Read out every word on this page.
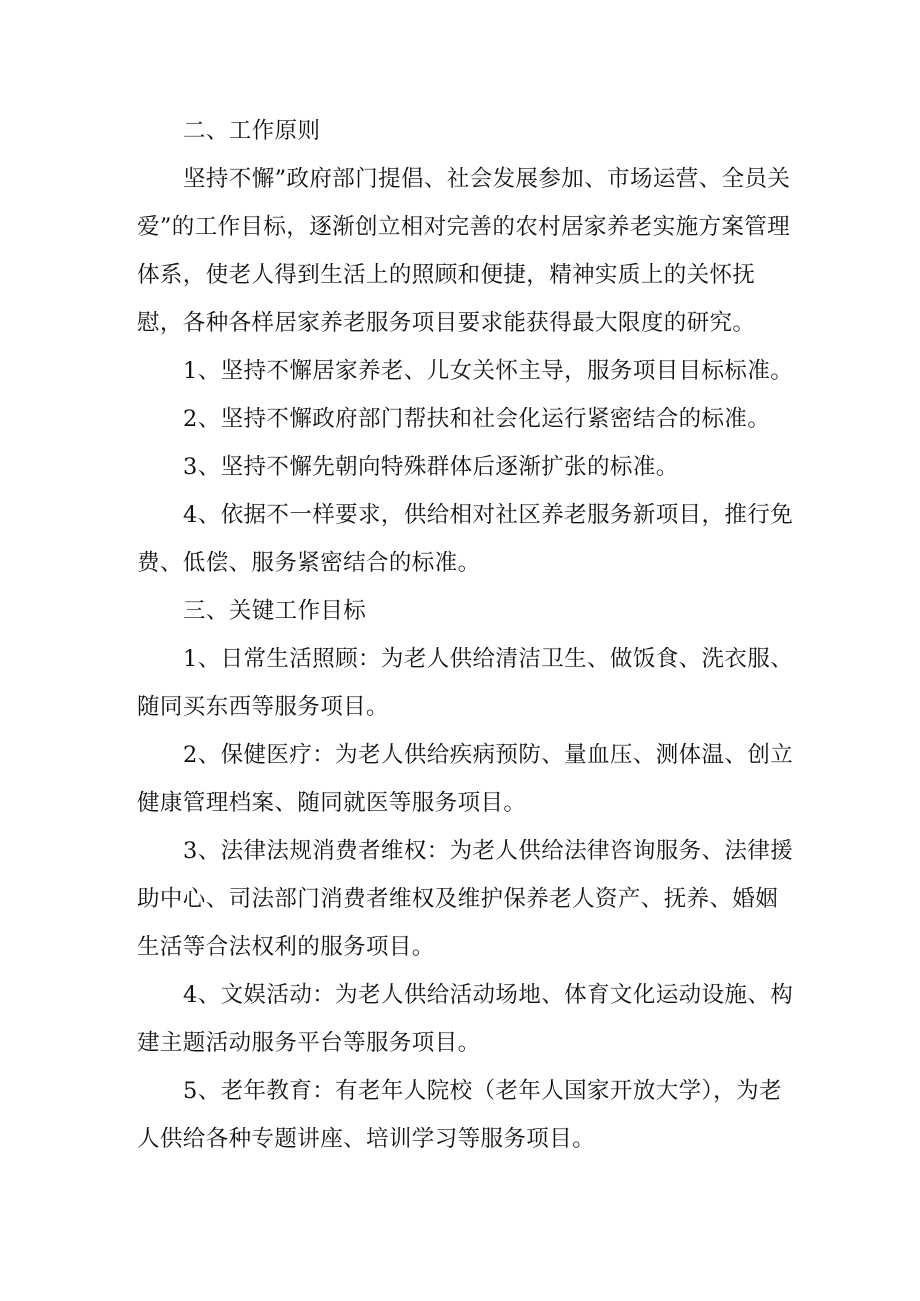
二、工作原则

坚持不懈”政府部门提倡、社会发展参加、市场运营、全员关爱”的工作目标，逐渐创立相对完善的农村居家养老实施方案管理体系，使老人得到生活上的照顾和便捷，精神实质上的关怀抚慰，各种各样居家养老服务项目要求能获得最大限度的研究。

1、坚持不懈居家养老、儿女关怀主导，服务项目目标标准。

2、坚持不懈政府部门帮扶和社会化运行紧密结合的标准。

3、坚持不懈先朝向特殊群体后逐渐扩张的标准。

4、依据不一样要求，供给相对社区养老服务新项目，推行免费、低偿、服务紧密结合的标准。

三、关键工作目标

1、日常生活照顾：为老人供给清洁卫生、做饭食、洗衣服、随同买东西等服务项目。

2、保健医疗：为老人供给疾病预防、量血压、测体温、创立健康管理档案、随同就医等服务项目。

3、法律法规消费者维权：为老人供给法律咨询服务、法律援助中心、司法部门消费者维权及维护保养老人资产、抚养、婚姻生活等合法权利的服务项目。

4、文娱活动：为老人供给活动场地、体育文化运动设施、构建主题活动服务平台等服务项目。

5、老年教育：有老年人院校（老年人国家开放大学），为老人供给各种专题讲座、培训学习等服务项目。
